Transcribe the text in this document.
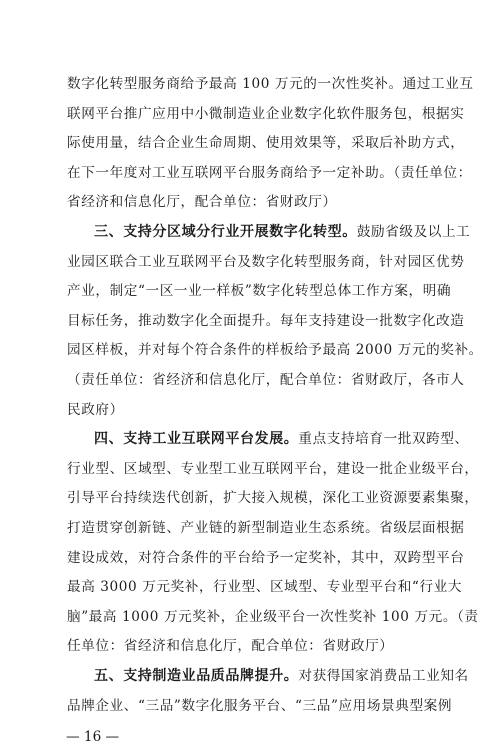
数字化转型服务商给予最高 100 万元的一次性奖补。通过工业互
联网平台推广应用中小微制造业企业数字化软件服务包，根据实
际使用量，结合企业生命周期、使用效果等，采取后补助方式，
在下一年度对工业互联网平台服务商给予一定补助。（责任单位：
省经济和信息化厅，配合单位：省财政厅）
三、支持分区域分行业开展数字化转型。鼓励省级及以上工
业园区联合工业互联网平台及数字化转型服务商，针对园区优势
产业，制定“一区一业一样板”数字化转型总体工作方案，明确
目标任务，推动数字化全面提升。每年支持建设一批数字化改造
园区样板，并对每个符合条件的样板给予最高 2000 万元的奖补。
（责任单位：省经济和信息化厅，配合单位：省财政厅，各市人
民政府）
四、支持工业互联网平台发展。重点支持培育一批双跨型、
行业型、区域型、专业型工业互联网平台，建设一批企业级平台，
引导平台持续迭代创新，扩大接入规模，深化工业资源要素集聚，
打造贯穿创新链、产业链的新型制造业生态系统。省级层面根据
建设成效，对符合条件的平台给予一定奖补，其中，双跨型平台
最高 3000 万元奖补，行业型、区域型、专业型平台和“行业大
脑”最高 1000 万元奖补，企业级平台一次性奖补 100 万元。（责
任单位：省经济和信息化厅，配合单位：省财政厅）
五、支持制造业品质品牌提升。对获得国家消费品工业知名
品牌企业、“三品”数字化服务平台、“三品”应用场景典型案例
— 16 —
